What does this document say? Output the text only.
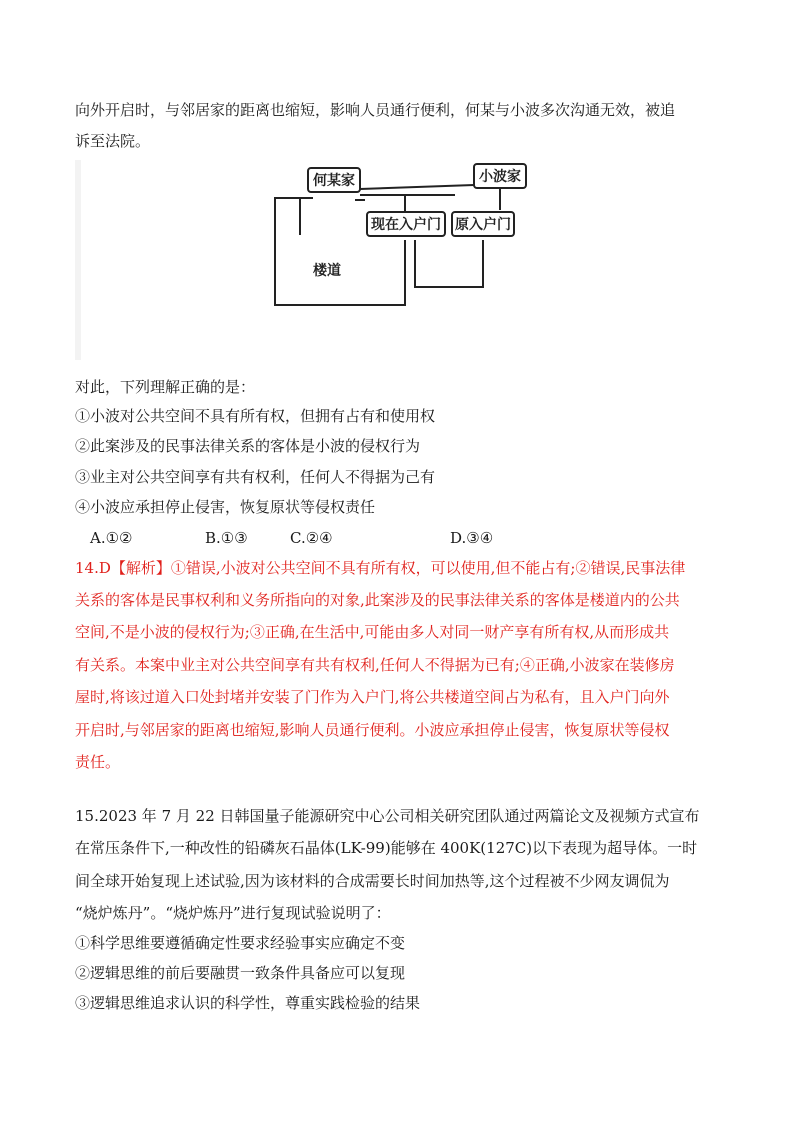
向外开启时，与邻居家的距离也缩短，影响人员通行便利，何某与小波多次沟通无效，被追
诉至法院。
何某家	小波家
现在入户门 原入户门
楼道
对此，下列理解正确的是：
①小波对公共空间不具有所有权，但拥有占有和使用权
②此案涉及的民事法律关系的客体是小波的侵权行为
③业主对公共空间享有共有权利，任何人不得据为己有
④小波应承担停止侵害，恢复原状等侵权责任
A.①②	B.①③	C.②④	D.③④
14.D【解析】①错误,小波对公共空间不具有所有权，可以使用,但不能占有;②错误,民事法律
关系的客体是民事权利和义务所指向的对象,此案涉及的民事法律关系的客体是楼道内的公共
空间,不是小波的侵权行为;③正确,在生活中,可能由多人对同一财产享有所有权,从而形成共
有关系。本案中业主对公共空间享有共有权利,任何人不得据为已有;④正确,小波家在装修房
屋时,将该过道入口处封堵并安装了门作为入户门,将公共楼道空间占为私有，且入户门向外
开启时,与邻居家的距离也缩短,影响人员通行便利。小波应承担停止侵害，恢复原状等侵权
责任。
15.2023 年 7 月 22 日韩国量子能源研究中心公司相关研究团队通过两篇论文及视频方式宣布
在常压条件下,一种改性的铅磷灰石晶体(LK-99)能够在 400K(127C)以下表现为超导体。一时
间全球开始复现上述试验,因为该材料的合成需要长时间加热等,这个过程被不少网友调侃为
“烧炉炼丹”。“烧炉炼丹”进行复现试验说明了：
①科学思维要遵循确定性要求经验事实应确定不变
②逻辑思维的前后要融贯一致条件具备应可以复现
③逻辑思维追求认识的科学性，尊重实践检验的结果
